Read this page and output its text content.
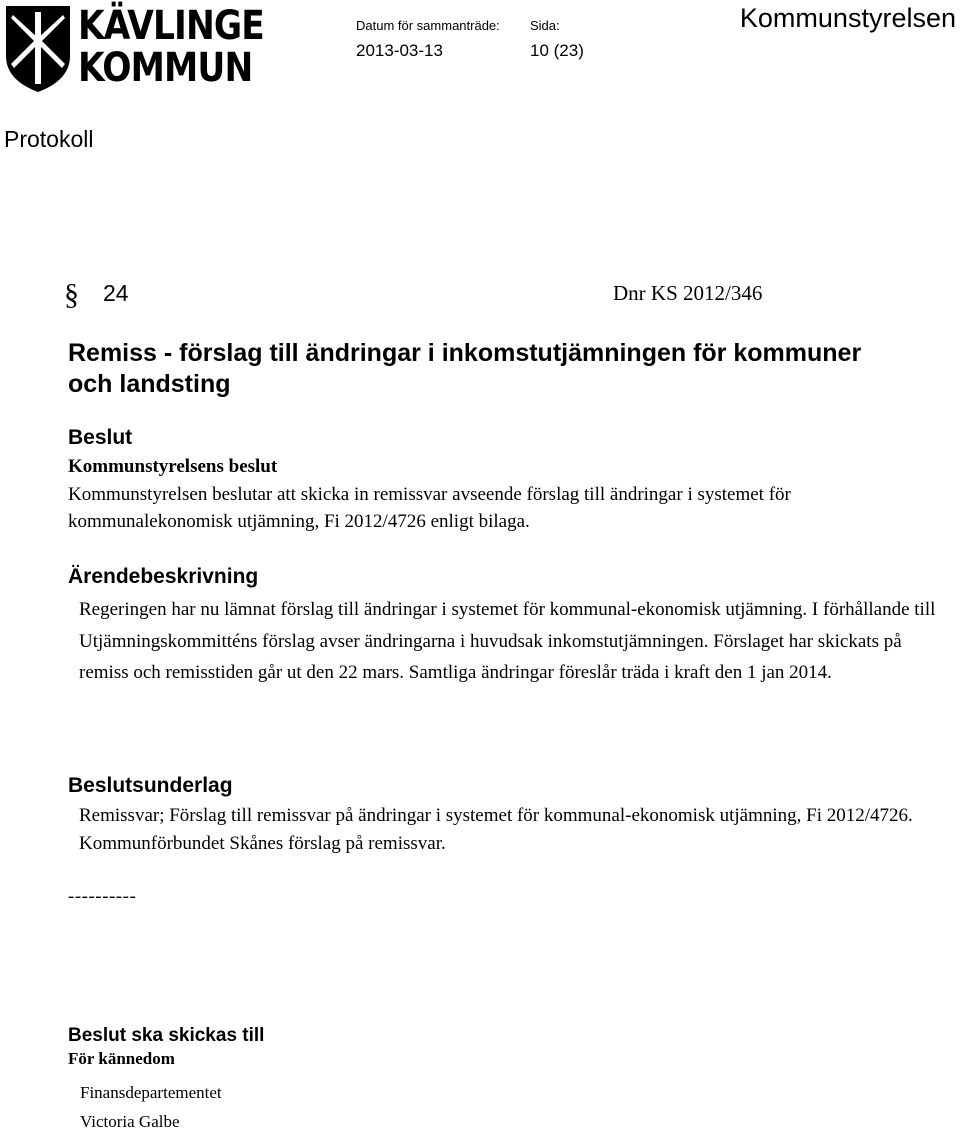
KÄVLINGE
KOMMUN
Datum för sammanträde: Sida:
2013-03-13	10 (23)
Kommunstyrelsen
Protokoll
§ 24	Dnr KS 2012/346
Remiss - förslag till ändringar i inkomstutjämningen för kommuner och landsting
Beslut
Kommunstyrelsens beslut
Kommunstyrelsen beslutar att skicka in remissvar avseende förslag till ändringar i systemet för kommunalekonomisk utjämning, Fi 2012/4726 enligt bilaga.
Ärendebeskrivning
Regeringen har nu lämnat förslag till ändringar i systemet för kommunal-ekonomisk utjämning. I förhållande till Utjämningskommitténs förslag avser ändringarna i huvudsak inkomstutjämningen. Förslaget har skickats på remiss och remisstiden går ut den 22 mars. Samtliga ändringar föreslår träda i kraft den 1 jan 2014.
Beslutsunderlag
Remissvar; Förslag till remissvar på ändringar i systemet för kommunal-ekonomisk utjämning, Fi 2012/4726.
Kommunförbundet Skånes förslag på remissvar.
----------
Beslut ska skickas till
För kännedom
Finansdepartementet
Victoria Galbe
